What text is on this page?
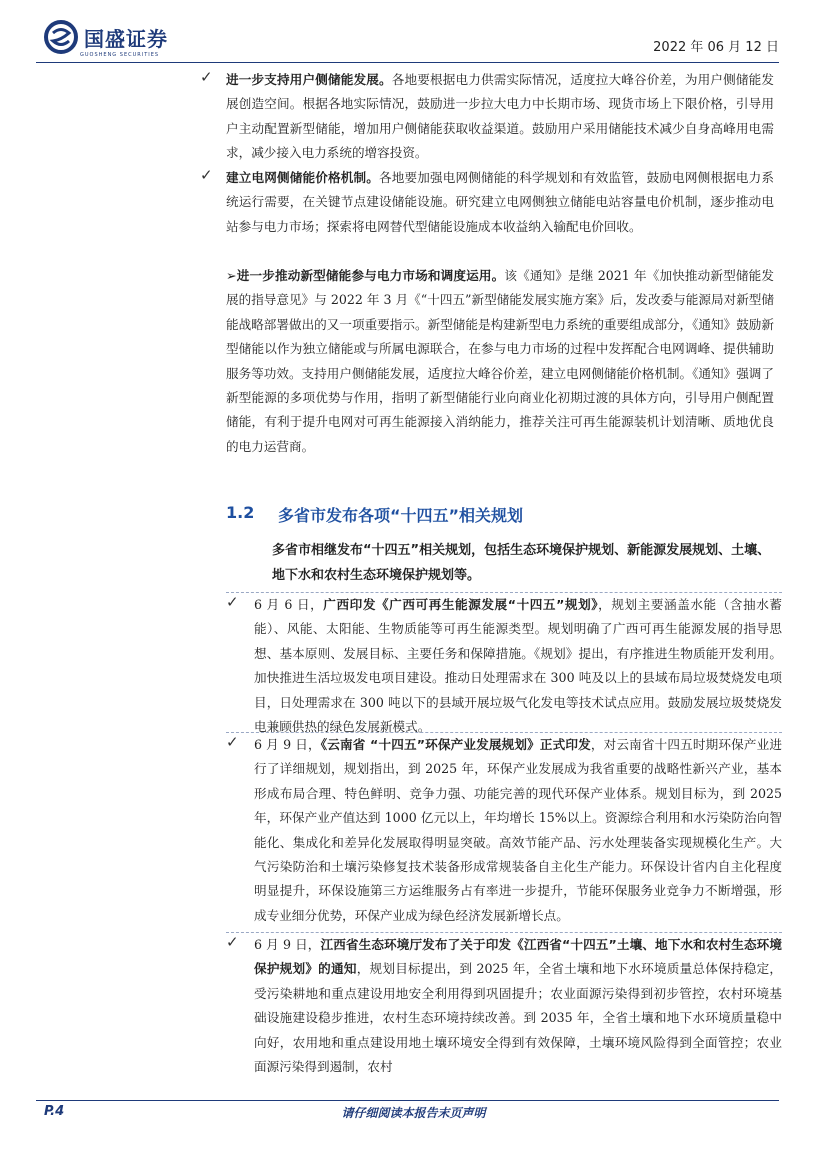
国盛证券
GUOSHENG SECURITIES	2022 年 06 月 12 日
✓ 进一步支持用户侧储能发展。各地要根据电力供需实际情况，适度拉大峰谷价差，为用户侧储能发展创造空间。根据各地实际情况，鼓励进一步拉大电力中长期市场、现货市场上下限价格，引导用户主动配置新型储能，增加用户侧储能获取收益渠道。鼓励用户采用储能技术减少自身高峰用电需求，减少接入电力系统的增容投资。

✓ 建立电网侧储能价格机制。各地要加强电网侧储能的科学规划和有效监管，鼓励电网侧根据电力系统运行需要，在关键节点建设储能设施。研究建立电网侧独立储能电站容量电价机制，逐步推动电站参与电力市场；探索将电网替代型储能设施成本收益纳入输配电价回收。

➢进一步推动新型储能参与电力市场和调度运用。该《通知》是继 2021 年《加快推动新型储能发展的指导意见》与 2022 年 3 月《“十四五”新型储能发展实施方案》后，发改委与能源局对新型储能战略部署做出的又一项重要指示。新型储能是构建新型电力系统的重要组成部分，《通知》鼓励新型储能以作为独立储能或与所属电源联合，在参与电力市场的过程中发挥配合电网调峰、提供辅助服务等功效。支持用户侧储能发展，适度拉大峰谷价差，建立电网侧储能价格机制。《通知》强调了新型能源的多项优势与作用，指明了新型储能行业向商业化初期过渡的具体方向，引导用户侧配置储能，有利于提升电网对可再生能源接入消纳能力，推荐关注可再生能源装机计划清晰、质地优良的电力运营商。

1.2 多省市发布各项“十四五”相关规划
多省市相继发布“十四五”相关规划，包括生态环境保护规划、新能源发展规划、土壤、地下水和农村生态环境保护规划等。
✓ 6 月 6 日，广西印发《广西可再生能源发展“十四五”规划》，规划主要涵盖水能（含抽水蓄能）、风能、太阳能、生物质能等可再生能源类型。规划明确了广西可再生能源发展的指导思想、基本原则、发展目标、主要任务和保障措施。《规划》提出，有序推进生物质能开发利用。加快推进生活垃圾发电项目建设。推动日处理需求在 300 吨及以上的县域布局垃圾焚烧发电项目，日处理需求在 300 吨以下的县域开展垃圾气化发电等技术试点应用。鼓励发展垃圾焚烧发电兼顾供热的绿色发展新模式。

✓ 6 月 9 日，《云南省 “十四五”环保产业发展规划》正式印发，对云南省十四五时期环保产业进行了详细规划，规划指出，到 2025 年，环保产业发展成为我省重要的战略性新兴产业，基本形成布局合理、特色鲜明、竞争力强、功能完善的现代环保产业体系。规划目标为，到 2025 年，环保产业产值达到 1000 亿元以上，年均增长 15%以上。资源综合利用和水污染防治向智能化、集成化和差异化发展取得明显突破。高效节能产品、污水处理装备实现规模化生产。大气污染防治和土壤污染修复技术装备形成常规装备自主化生产能力。环保设计省内自主化程度明显提升，环保设施第三方运维服务占有率进一步提升，节能环保服务业竞争力不断增强，形成专业细分优势，环保产业成为绿色经济发展新增长点。

✓ 6 月 9 日，江西省生态环境厅发布了关于印发《江西省“十四五”土壤、地下水和农村生态环境保护规划》的通知，规划目标提出，到 2025 年，全省土壤和地下水环境质量总体保持稳定，受污染耕地和重点建设用地安全利用得到巩固提升；农业面源污染得到初步管控，农村环境基础设施建设稳步推进，农村生态环境持续改善。到 2035 年，全省土壤和地下水环境质量稳中向好，农用地和重点建设用地土壤环境安全得到有效保障，土壤环境风险得到全面管控；农业面源污染得到遏制，农村

P.4	请仔细阅读本报告末页声明
